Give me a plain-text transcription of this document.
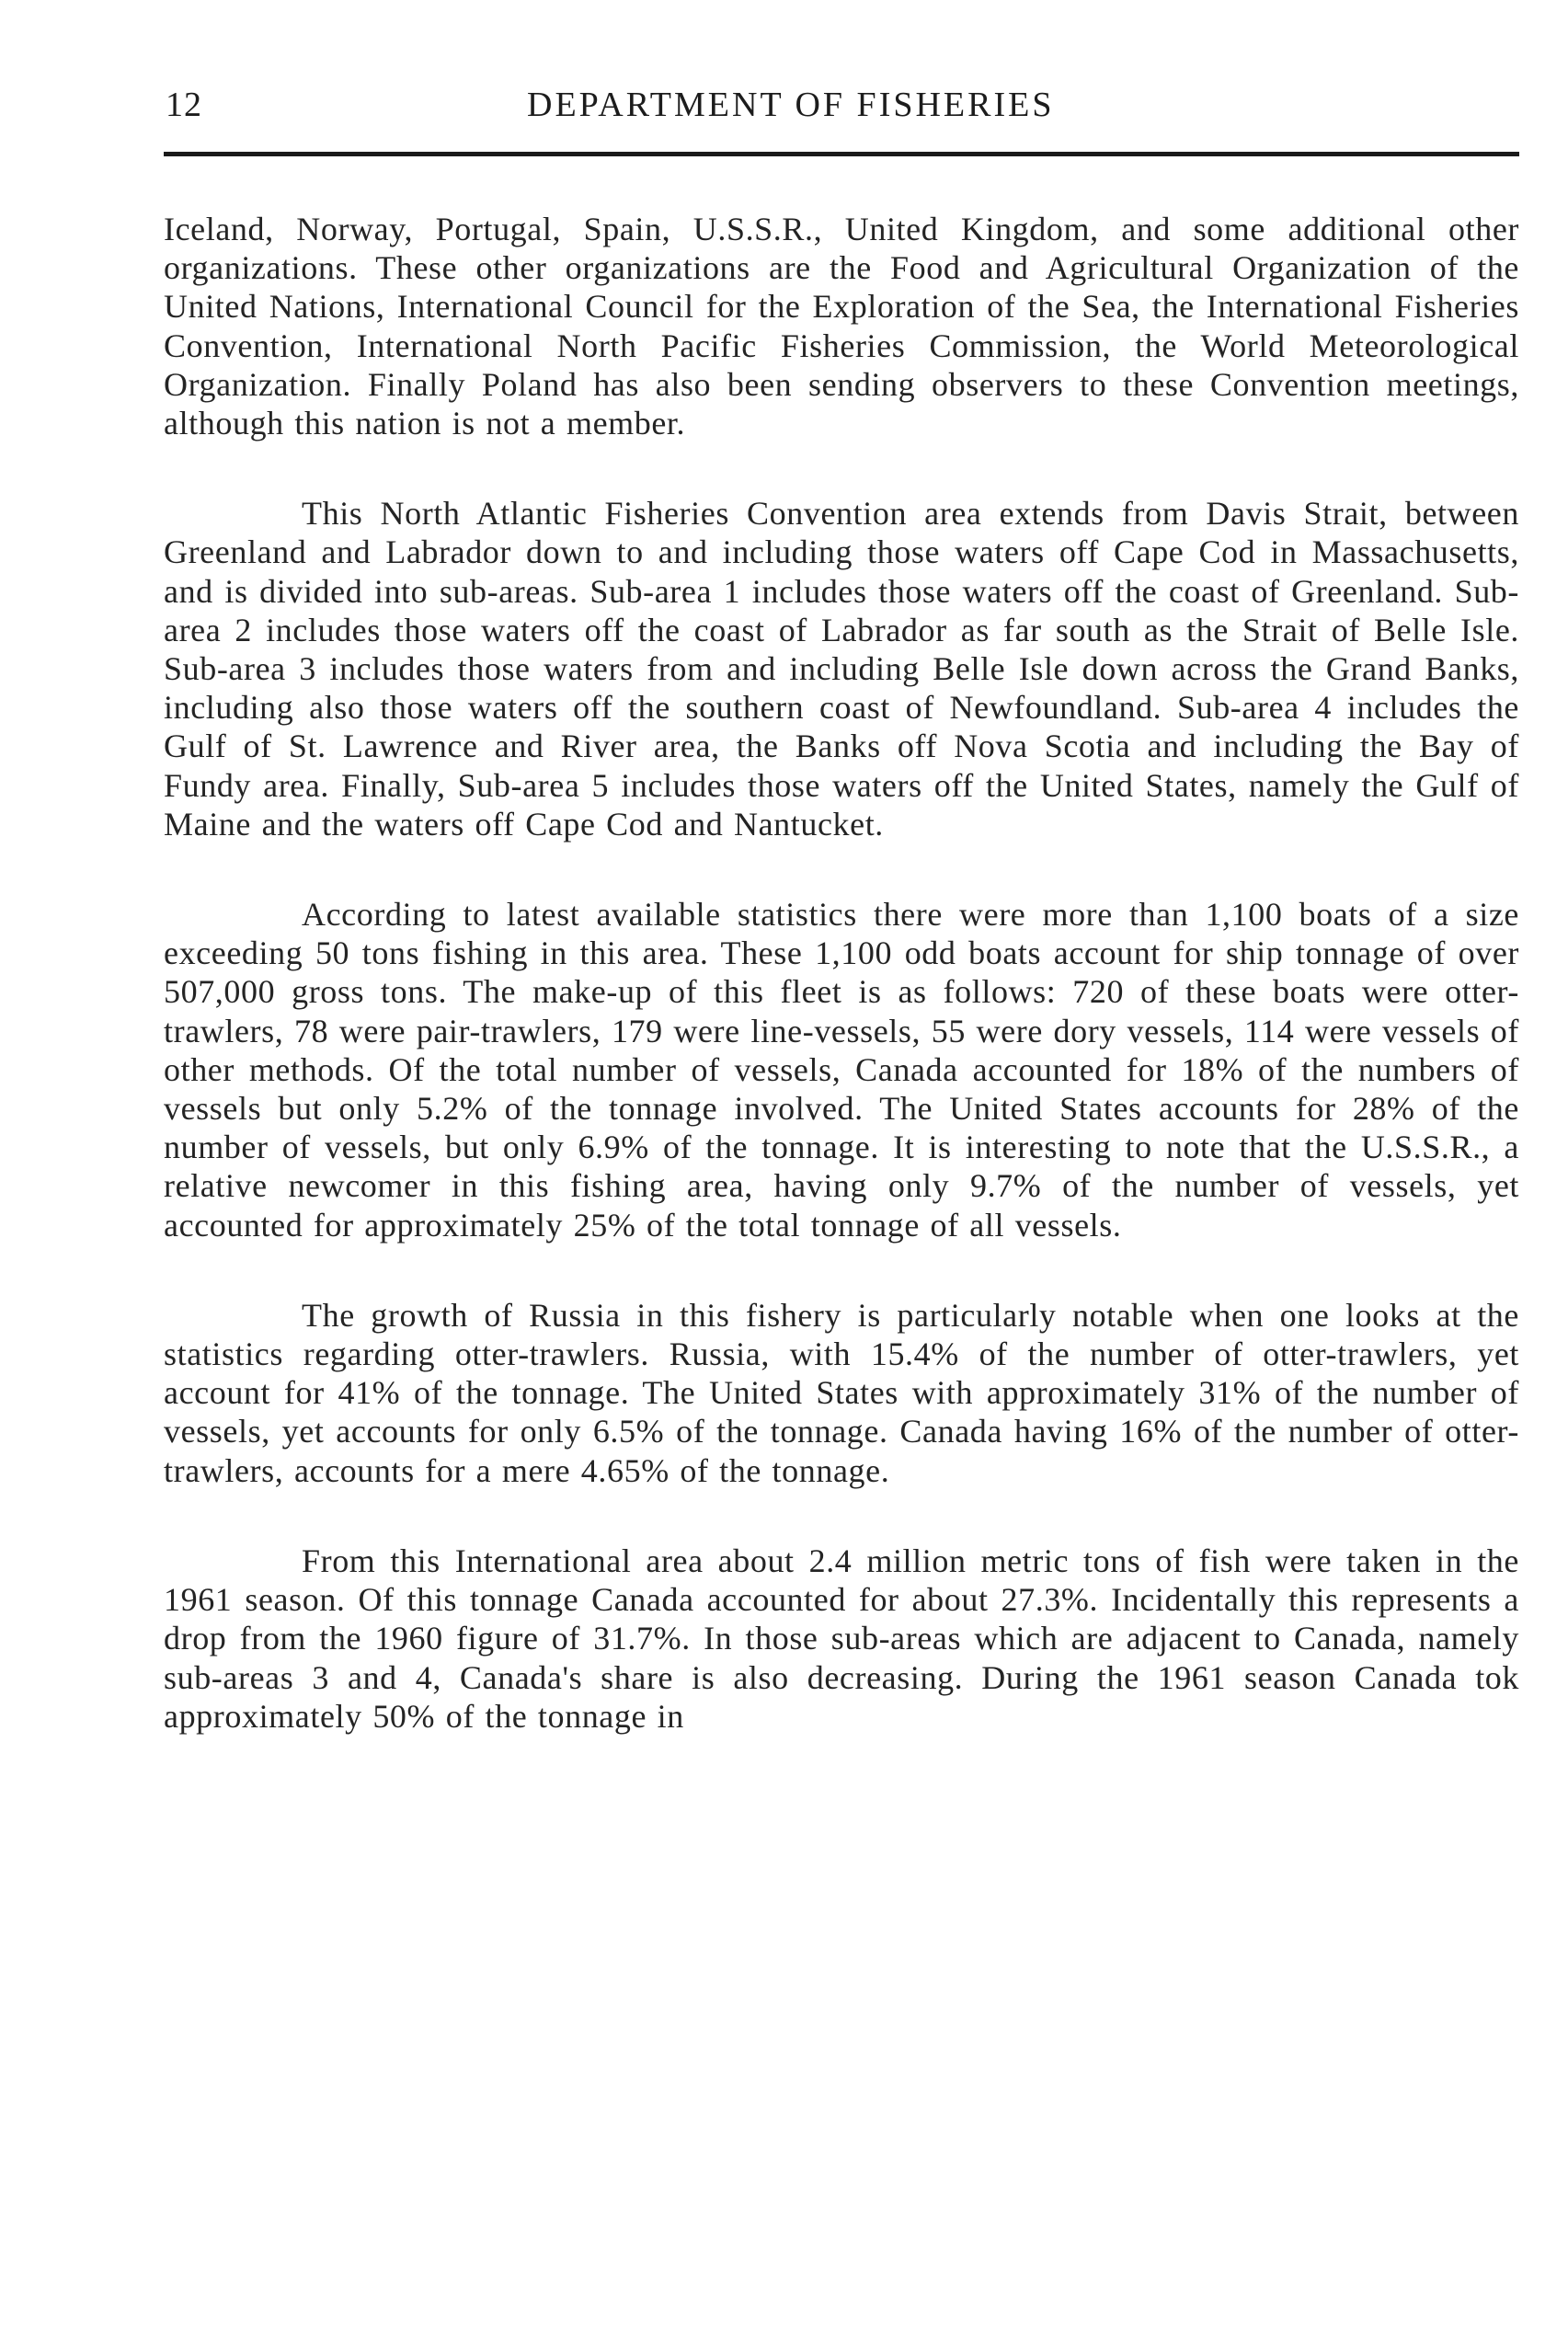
12	DEPARTMENT OF FISHERIES

Iceland, Norway, Portugal, Spain, U.S.S.R., United Kingdom, and some additional other organizations. These other organizations are the Food and Agricultural Organization of the United Nations, International Council for the Exploration of the Sea, the International Fisheries Convention, International North Pacific Fisheries Commission, the World Meteorological Organization. Finally Poland has also been sending observers to these Convention meetings, although this nation is not a member.

This North Atlantic Fisheries Convention area extends from Davis Strait, between Greenland and Labrador down to and including those waters off Cape Cod in Massachusetts, and is divided into sub-areas. Sub-area 1 includes those waters off the coast of Greenland. Sub-area 2 includes those waters off the coast of Labrador as far south as the Strait of Belle Isle. Sub-area 3 includes those waters from and including Belle Isle down across the Grand Banks, including also those waters off the southern coast of Newfoundland. Sub-area 4 includes the Gulf of St. Lawrence and River area, the Banks off Nova Scotia and including the Bay of Fundy area. Finally, Sub-area 5 includes those waters off the United States, namely the Gulf of Maine and the waters off Cape Cod and Nantucket.

According to latest available statistics there were more than 1,100 boats of a size exceeding 50 tons fishing in this area. These 1,100 odd boats account for ship tonnage of over 507,000 gross tons. The make-up of this fleet is as follows: 720 of these boats were otter-trawlers, 78 were pair-trawlers, 179 were line-vessels, 55 were dory vessels, 114 were vessels of other methods. Of the total number of vessels, Canada accounted for 18% of the numbers of vessels but only 5.2% of the tonnage involved. The United States accounts for 28% of the number of vessels, but only 6.9% of the tonnage. It is interesting to note that the U.S.S.R., a relative newcomer in this fishing area, having only 9.7% of the number of vessels, yet accounted for approximately 25% of the total tonnage of all vessels.

The growth of Russia in this fishery is particularly notable when one looks at the statistics regarding otter-trawlers. Russia, with 15.4% of the number of otter-trawlers, yet account for 41% of the tonnage. The United States with approximately 31% of the number of vessels, yet accounts for only 6.5% of the tonnage. Canada having 16% of the number of otter-trawlers, accounts for a mere 4.65% of the tonnage.

From this International area about 2.4 million metric tons of fish were taken in the 1961 season. Of this tonnage Canada accounted for about 27.3%. Incidentally this represents a drop from the 1960 figure of 31.7%. In those sub-areas which are adjacent to Canada, namely sub-areas 3 and 4, Canada's share is also decreasing. During the 1961 season Canada tok approximately 50% of the tonnage in
